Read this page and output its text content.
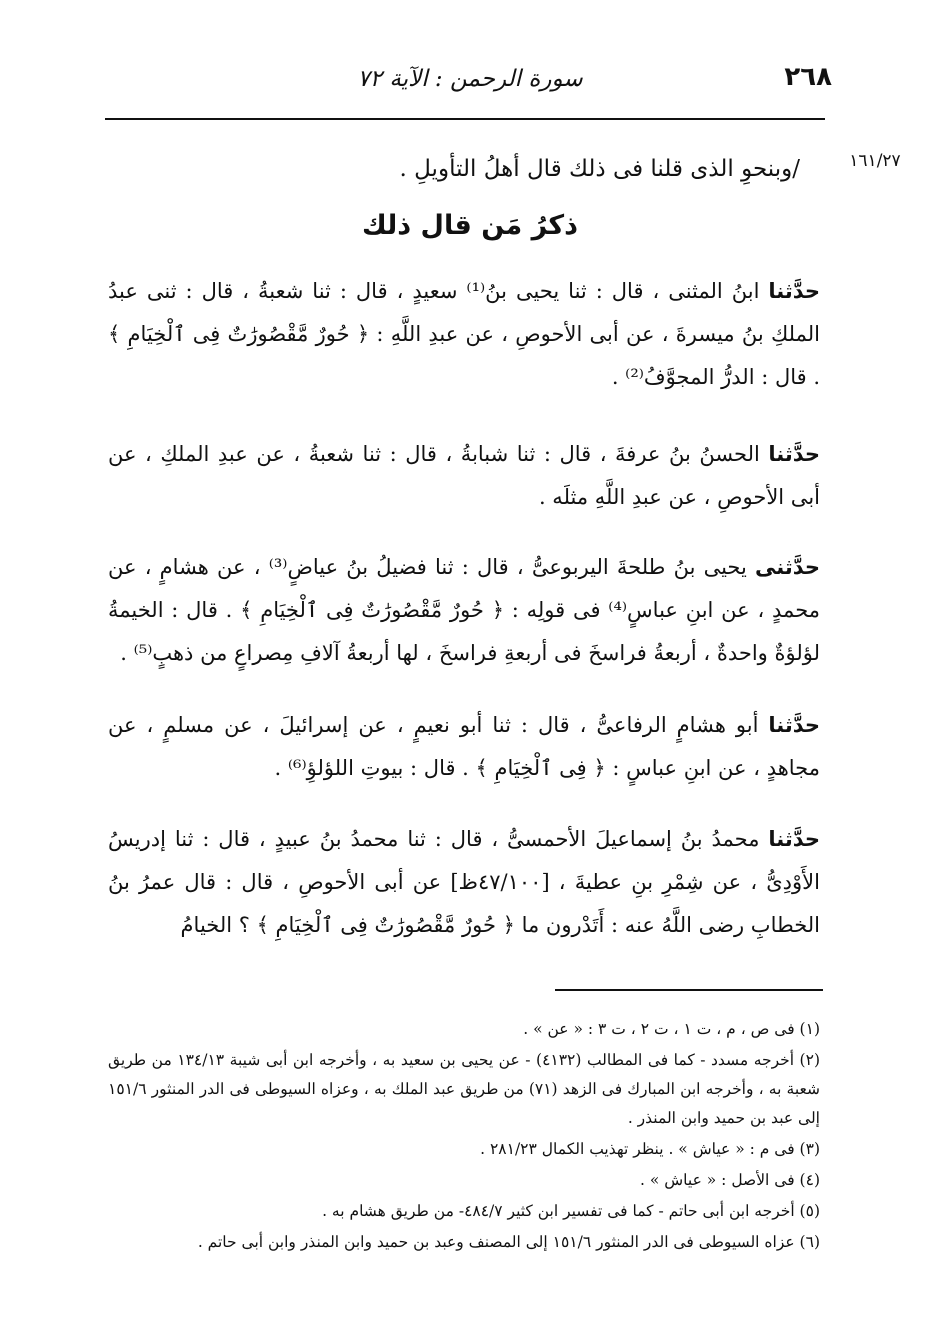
٢٦٨
سورة الرحمن : الآية ٧٢
١٦١/٢٧
/وبنحوِ الذى قلنا فى ذلك قال أهلُ التأويلِ .
ذكرُ مَن قال ذلك
حدَّثنا ابنُ المثنى ، قال : ثنا يحيى بنُ⁽¹⁾ سعيدٍ ، قال : ثنا شعبةُ ، قال : ثنى عبدُ الملكِ بنُ ميسرةَ ، عن أبى الأحوصِ ، عن عبدِ اللَّهِ : ﴿ حُورٌ مَّقْصُورَٰتٌ فِى ٱلْخِيَامِ ﴾ . قال : الدرُّ المجوَّفُ⁽²⁾ .
حدَّثنا الحسنُ بنُ عرفةَ ، قال : ثنا شبابةُ ، قال : ثنا شعبةُ ، عن عبدِ الملكِ ، عن أبى الأحوصِ ، عن عبدِ اللَّهِ مثلَه .
حدَّثنى يحيى بنُ طلحةَ اليربوعىُّ ، قال : ثنا فضيلُ بنُ عياضٍ⁽³⁾ ، عن هشامٍ ، عن محمدٍ ، عن ابنِ عباسٍ⁽⁴⁾ فى قولِه : ﴿ حُورٌ مَّقْصُورَٰتٌ فِى ٱلْخِيَامِ ﴾ . قال : الخيمةُ لؤلؤةٌ واحدةٌ ، أربعةُ فراسخَ فى أربعةِ فراسخَ ، لها أربعةُ آلافِ مِصراعٍ من ذهبٍ⁽⁵⁾ .
حدَّثنا أبو هشامٍ الرفاعىُّ ، قال : ثنا أبو نعيمٍ ، عن إسرائيلَ ، عن مسلمٍ ، عن مجاهدٍ ، عن ابنِ عباسٍ : ﴿ فِى ٱلْخِيَامِ ﴾ . قال : بيوتِ اللؤلؤِ⁽⁶⁾ .
حدَّثنا محمدُ بنُ إسماعيلَ الأحمسىُّ ، قال : ثنا محمدُ بنُ عبيدٍ ، قال : ثنا إدريسُ الأَوْدِىُّ ، عن شِمْرِ بنِ عطيةَ ، [٤٧/١٠٠ظ] عن أبى الأحوصِ ، قال : قال عمرُ بنُ الخطابِ رضى اللَّهُ عنه : أَتَدْرون ما ﴿ حُورٌ مَّقْصُورَٰتٌ فِى ٱلْخِيَامِ ﴾ ؟ الخيامُ

(١) فى ص ، م ، ت ١ ، ت ٢ ، ت ٣ : « عن » .

(٢) أخرجه مسدد - كما فى المطالب (٤١٣٢) - عن يحيى بن سعيد به ، وأخرجه ابن أبى شيبة ١٣٤/١٣ من طريق شعبة به ، وأخرجه ابن المبارك فى الزهد (٧١) من طريق عبد الملك به ، وعزاه السيوطى فى الدر المنثور ١٥١/٦ إلى عبد بن حميد وابن المنذر .

(٣) فى م : « عياش » . ينظر تهذيب الكمال ٢٨١/٢٣ .

(٤) فى الأصل : « عياش » .

(٥) أخرجه ابن أبى حاتم - كما فى تفسير ابن كثير ٤٨٤/٧- من طريق هشام به .

(٦) عزاه السيوطى فى الدر المنثور ١٥١/٦ إلى المصنف وعبد بن حميد وابن المنذر وابن أبى حاتم .
